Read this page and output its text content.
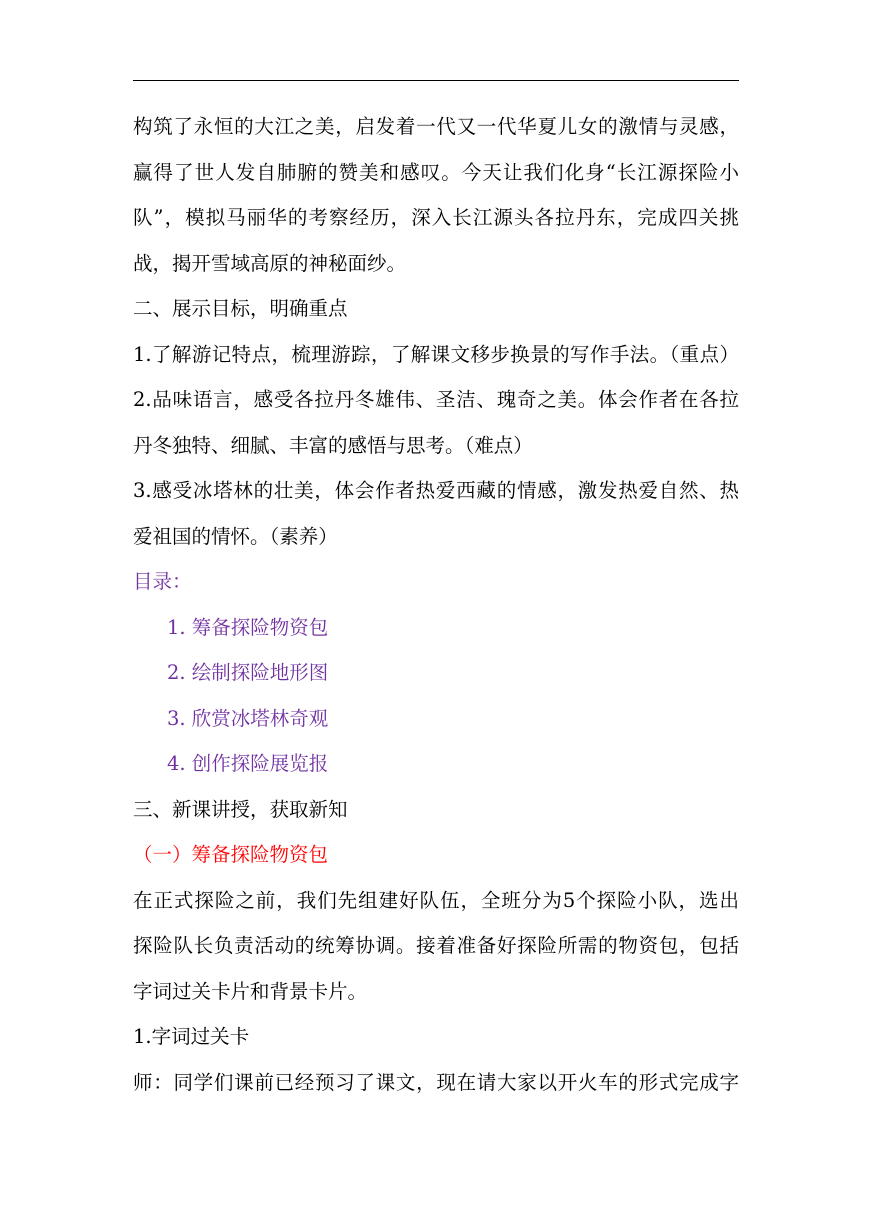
构筑了永恒的大江之美，启发着一代又一代华夏儿女的激情与灵感，
赢得了世人发自肺腑的赞美和感叹。今天让我们化身“长江源探险小
队”，模拟马丽华的考察经历，深入长江源头各拉丹东，完成四关挑
战，揭开雪域高原的神秘面纱。
二、展示目标，明确重点
1.了解游记特点，梳理游踪，了解课文移步换景的写作手法。（重点）
2.品味语言，感受各拉丹冬雄伟、圣洁、瑰奇之美。体会作者在各拉
丹冬独特、细腻、丰富的感悟与思考。（难点）
3.感受冰塔林的壮美，体会作者热爱西藏的情感，激发热爱自然、热
爱祖国的情怀。（素养）
目录：
1. 筹备探险物资包
2. 绘制探险地形图
3. 欣赏冰塔林奇观
4. 创作探险展览报
三、新课讲授，获取新知
（一）筹备探险物资包
在正式探险之前，我们先组建好队伍，全班分为5个探险小队，选出
探险队长负责活动的统筹协调。接着准备好探险所需的物资包，包括
字词过关卡片和背景卡片。
1.字词过关卡
师：同学们课前已经预习了课文，现在请大家以开火车的形式完成字
